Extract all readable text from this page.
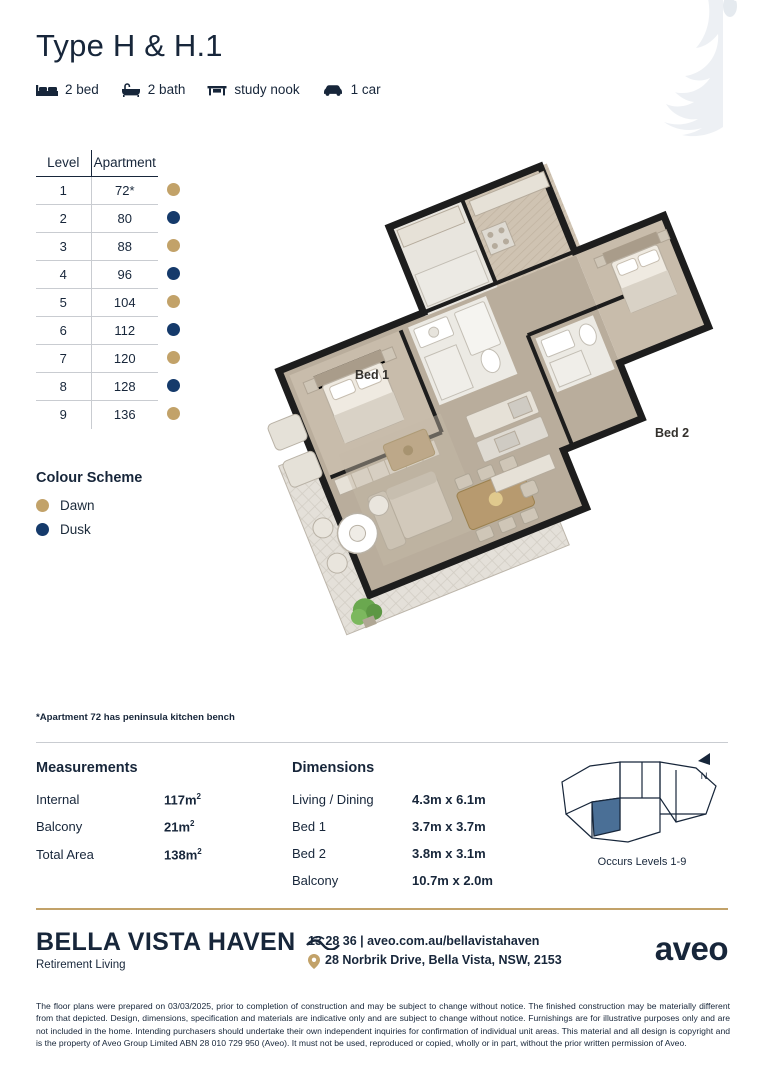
Type H & H.1
2 bed	2 bath	study nook	1 car
Level	Apartment	
1	72*	
2	80	
3	88	
4	96	
5	104	
6	112	
7	120	
8	128	
9	136	
Colour Scheme
Dawn
Dusk
Bed 1
Bed 2
*Apartment 72 has peninsula kitchen bench
Measurements
Internal	$117m^2$
Balcony	$21m^2$
Total Area	$138m^2$
Dimensions
Living / Dining	4.3m x 6.1m
Bed 1	3.7m x 3.7m
Bed 2	3.8m x 3.1m
Balcony	10.7m x 2.0m
N
Occurs Levels 1-9
BELLA VISTA HAVEN
Retirement Living
13 28 36 | aveo.com.au/bellavistahaven
28 Norbrik Drive, Bella Vista, NSW, 2153	aveo
The floor plans were prepared on 03/03/2025, prior to completion of construction and may be subject to change without notice. The finished construction may be materially different from that depicted. Design, dimensions, specification and materials are indicative only and are subject to change without notice. Furnishings are for illustrative purposes only and are not included in the home. Intending purchasers should undertake their own independent inquiries for confirmation of individual unit areas. This material and all design is copyright and is the property of Aveo Group Limited ABN 28 010 729 950 (Aveo). It must not be used, reproduced or copied, wholly or in part, without the prior written permission of Aveo.
